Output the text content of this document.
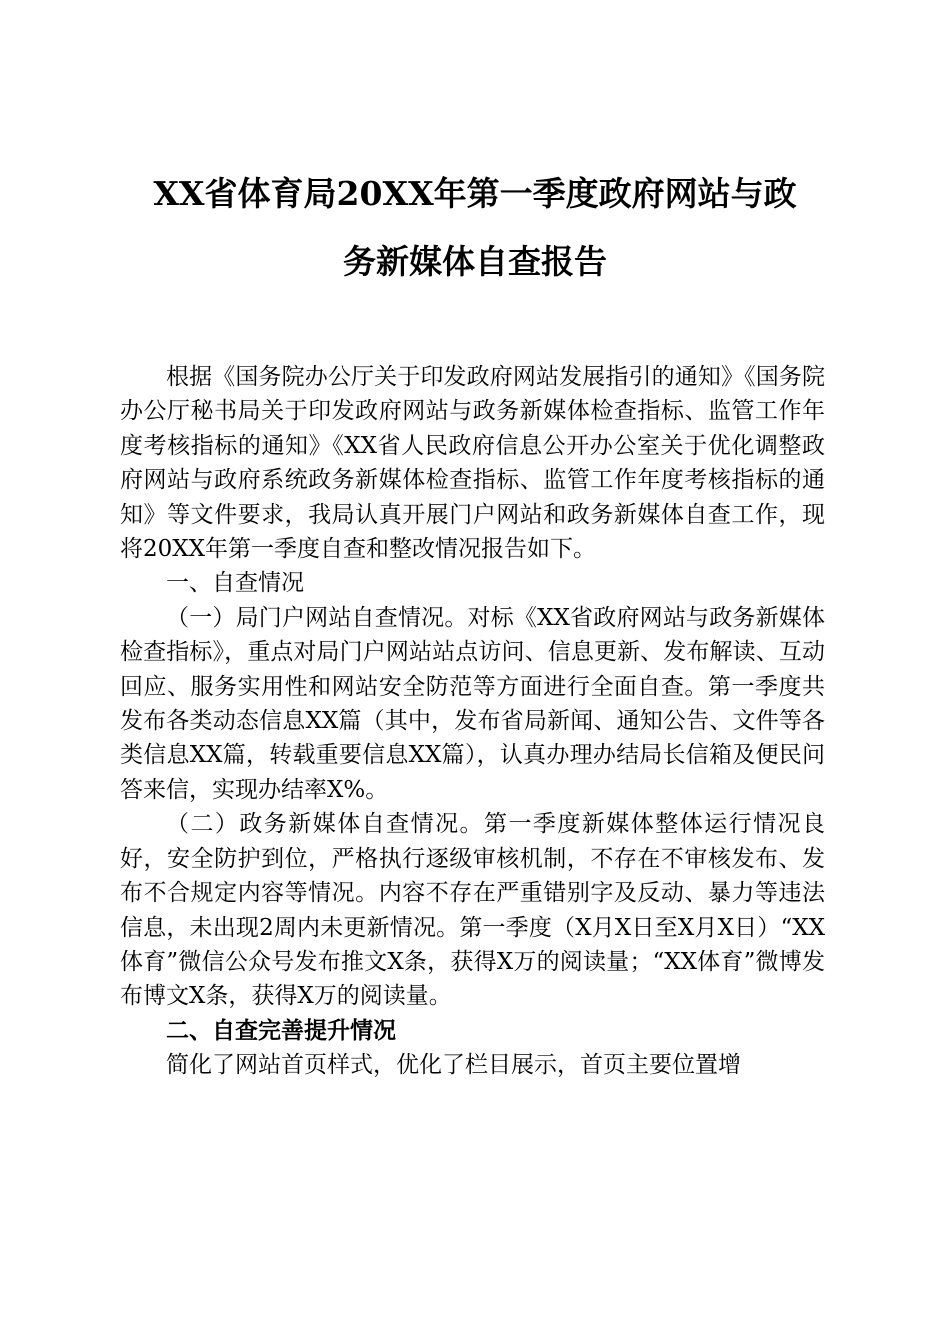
XX省体育局20XX年第一季度政府网站与政
务新媒体自查报告

根据《国务院办公厅关于印发政府网站发展指引的通知》《国务院办公厅秘书局关于印发政府网站与政务新媒体检查指标、监管工作年度考核指标的通知》《XX省人民政府信息公开办公室关于优化调整政府网站与政府系统政务新媒体检查指标、监管工作年度考核指标的通知》等文件要求，我局认真开展门户网站和政务新媒体自查工作，现将20XX年第一季度自查和整改情况报告如下。

一、自查情况

（一）局门户网站自查情况。对标《XX省政府网站与政务新媒体检查指标》，重点对局门户网站站点访问、信息更新、发布解读、互动回应、服务实用性和网站安全防范等方面进行全面自查。第一季度共发布各类动态信息XX篇（其中，发布省局新闻、通知公告、文件等各类信息XX篇，转载重要信息XX篇），认真办理办结局长信箱及便民问答来信，实现办结率X%。

（二）政务新媒体自查情况。第一季度新媒体整体运行情况良好，安全防护到位，严格执行逐级审核机制，不存在不审核发布、发布不合规定内容等情况。内容不存在严重错别字及反动、暴力等违法信息，未出现2周内未更新情况。第一季度（X月X日至X月X日）“XX体育”微信公众号发布推文X条，获得X万的阅读量；“XX体育”微博发布博文X条，获得X万的阅读量。

二、自查完善提升情况

简化了网站首页样式，优化了栏目展示，首页主要位置增
